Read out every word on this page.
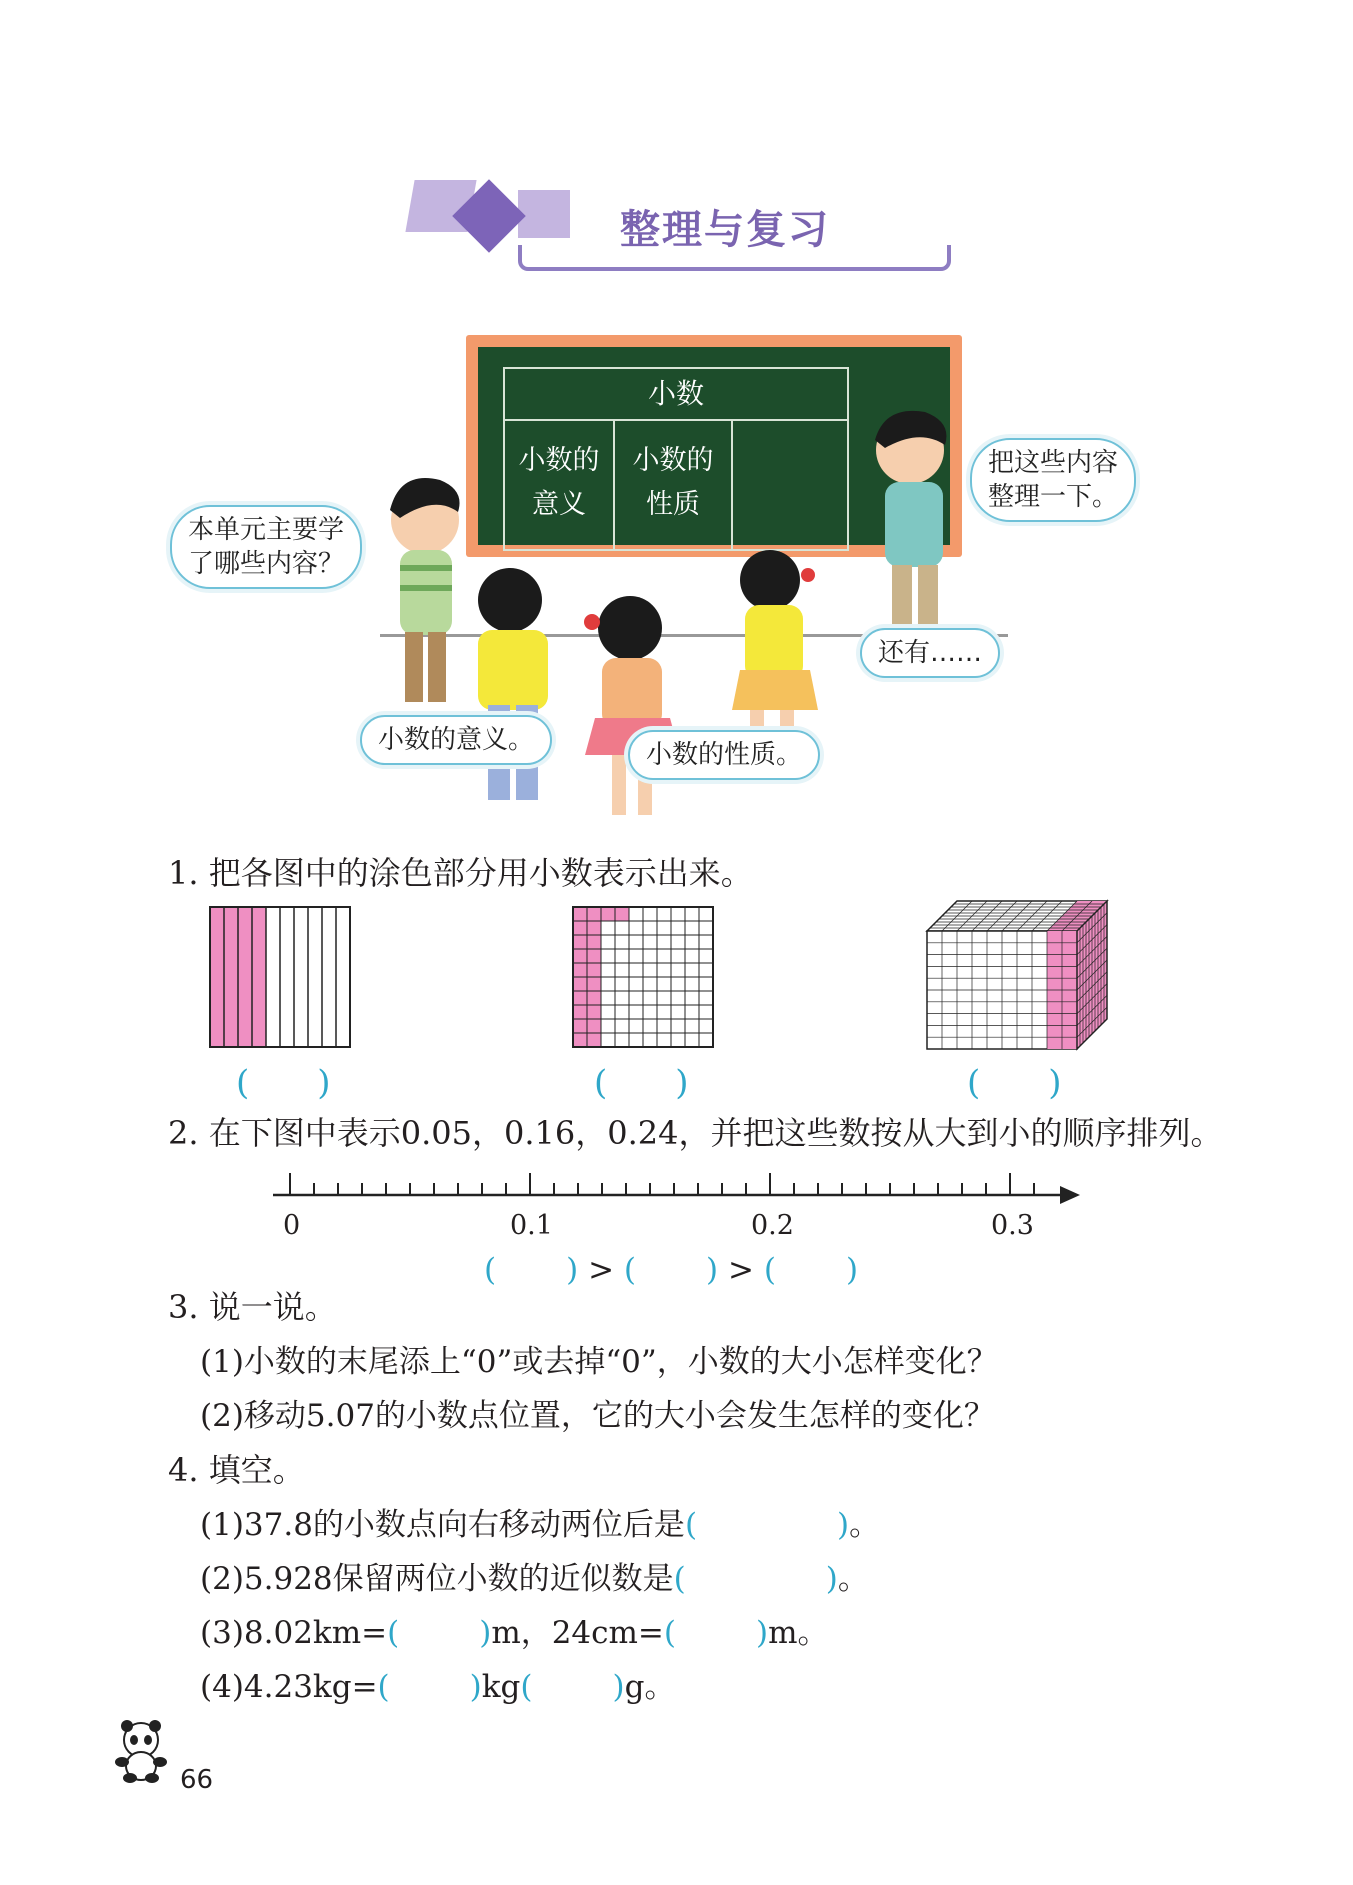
整理与复习
小数
小数的
意义
小数的
性质
本单元主要学
了哪些内容？
把这些内容
整理一下。
还有……
小数的意义。	小数的性质。
1. 把各图中的涂色部分用小数表示出来。
(　　)	(　　)	(　　)
2. 在下图中表示0.05，0.16，0.24，并把这些数按从大到小的顺序排列。
0	0.1	0.2	0.3
( ) > ( ) > ( )
3. 说一说。
(1)小数的末尾添上“0”或去掉“0”，小数的大小怎样变化？
(2)移动5.07的小数点位置，它的大小会发生怎样的变化？
4. 填空。
(1)37.8的小数点向右移动两位后是(	)。
(2)5.928保留两位小数的近似数是(	)。
(3)8.02km=(	)m，24cm=(	)m。
(4)4.23kg=(	)kg(	)g。
66
